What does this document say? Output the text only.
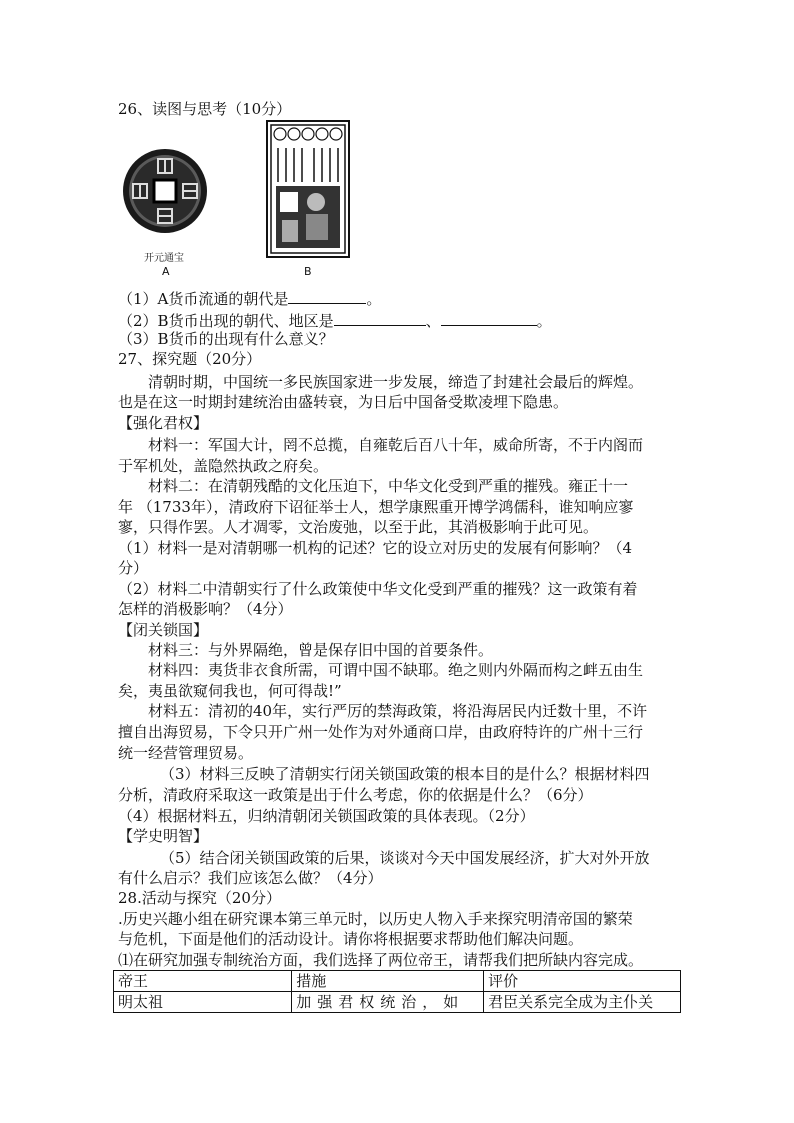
26、读图与思考（10分）
开元通宝
A	B
（1）A货币流通的朝代是	。
（2）B货币出现的朝代、地区是	、	。
（3）B货币的出现有什么意义？
27、探究题（20分）
清朝时期，中国统一多民族国家进一步发展，缔造了封建社会最后的辉煌。
也是在这一时期封建统治由盛转衰，为日后中国备受欺凌埋下隐患。
【强化君权】
材料一：军国大计，罔不总揽，自雍乾后百八十年，威命所寄，不于内阁而
于军机处，盖隐然执政之府矣。
材料二：在清朝残酷的文化压迫下，中华文化受到严重的摧残。雍正十一
年 （1733年），清政府下诏征举士人，想学康熙重开博学鸿儒科，谁知响应寥
寥，只得作罢。人才凋零，文治废弛，以至于此，其消极影响于此可见。
（1）材料一是对清朝哪一机构的记述？它的设立对历史的发展有何影响？（4
分）
（2）材料二中清朝实行了什么政策使中华文化受到严重的摧残？这一政策有着
怎样的消极影响？（4分）
【闭关锁国】
材料三：与外界隔绝，曾是保存旧中国的首要条件。
材料四：夷货非衣食所需，可谓中国不缺耶。绝之则内外隔而构之衅五由生
矣，夷虽欲窥伺我也，何可得哉!”
材料五：清初的40年，实行严厉的禁海政策，将沿海居民内迁数十里，不许
擅自出海贸易，下令只开广州一处作为对外通商口岸，由政府特许的广州十三行
统一经营管理贸易。
（3）材料三反映了清朝实行闭关锁国政策的根本目的是什么？根据材料四
分析，清政府采取这一政策是出于什么考虑，你的依据是什么？（6分）
（4）根据材料五，归纳清朝闭关锁国政策的具体表现。（2分）
【学史明智】
（5）结合闭关锁国政策的后果，谈谈对今天中国发展经济，扩大对外开放
有什么启示？我们应该怎么做？（4分）
28.活动与探究（20分）
.历史兴趣小组在研究课本第三单元时，以历史人物入手来探究明清帝国的繁荣
与危机，下面是他们的活动设计。请你将根据要求帮助他们解决问题。
⑴在研究加强专制统治方面，我们选择了两位帝王，请帮我们把所缺内容完成。
帝王	措施	评价
明太祖	加强君权统治，如	君臣关系完全成为主仆关
